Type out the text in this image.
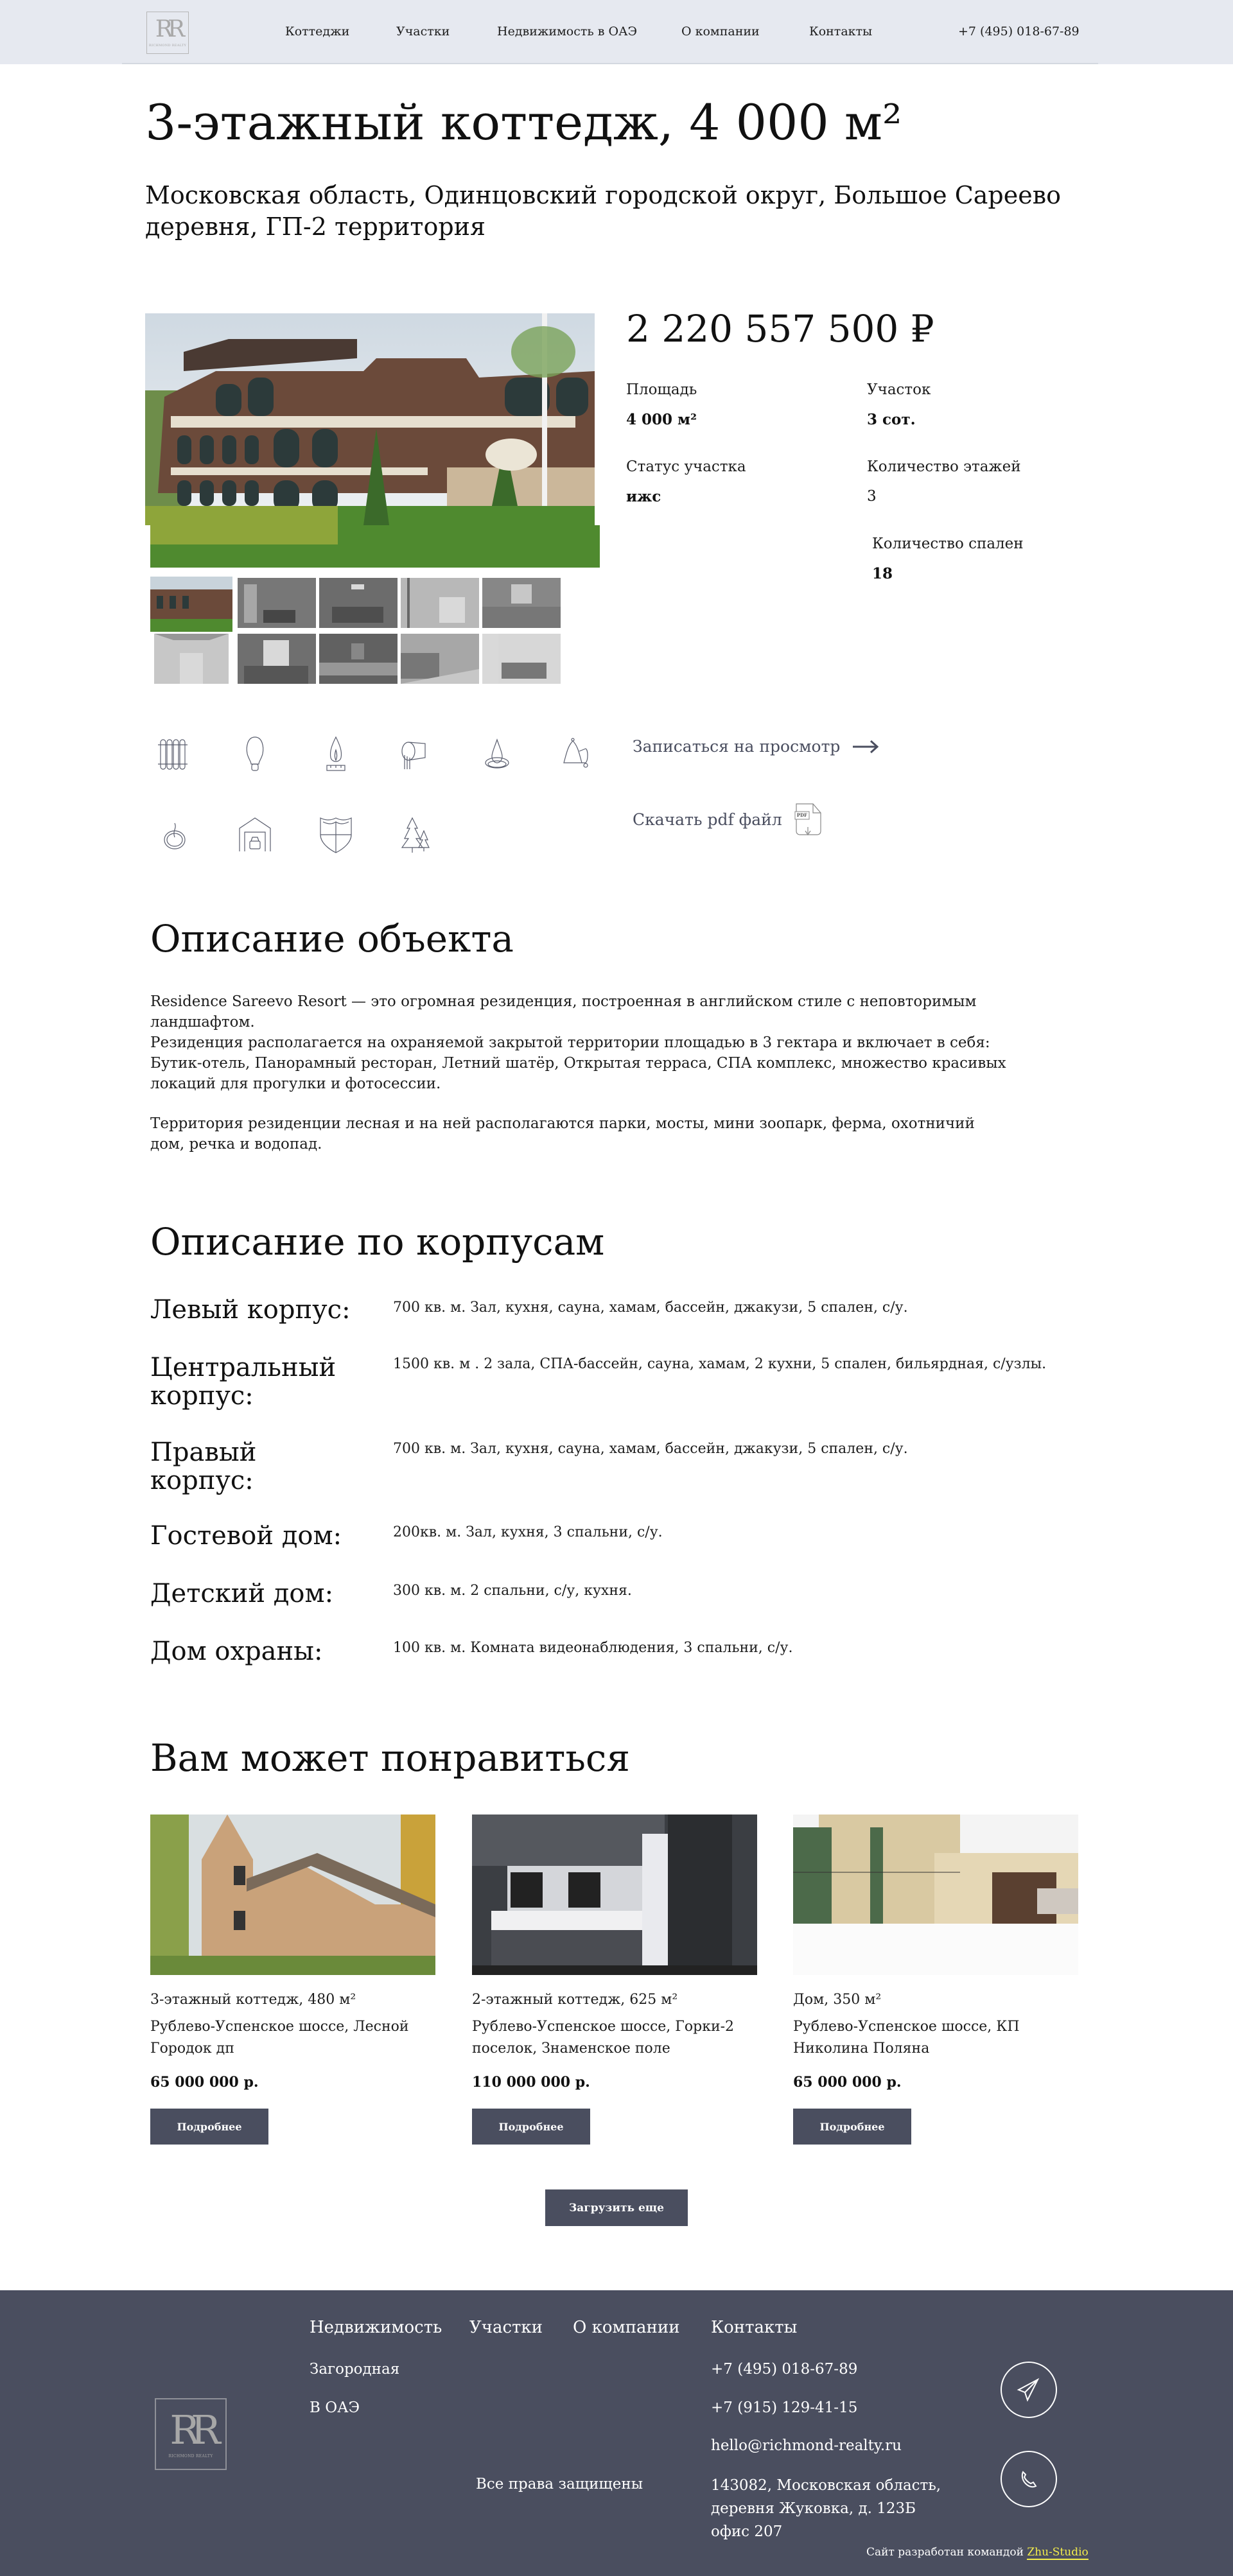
RR
RICHMOND REALTY
Коттеджи	Участки	Недвижимость в ОАЭ	О компании	Контакты	+7 (495) 018-67-89
3-этажный коттедж, 4 000 м²
Московская область, Одинцовский городской округ, Большое Сареево деревня, ГП-2 территория
2 220 557 500 ₽
Площадь
4 000 м²
Участок
3 сот.
Статус участка
ижс
Количество этажей
3
Количество спален
18
Записаться на просмотр
Скачать pdf файл	PDF
Описание объекта

Residence Sareevo Resort — это огромная резиденция, построенная в английском стиле с неповторимым ландшафтом.

Резиденция располагается на охраняемой закрытой территории площадью в 3 гектара и включает в себя: Бутик-отель, Панорамный ресторан, Летний шатёр, Открытая терраса, СПА комплекс, множество красивых локаций для прогулки и фотосессии.

Территория резиденции лесная и на ней располагаются парки, мосты, мини зоопарк, ферма, охотничий дом, речка и водопад.

Описание по корпусам
Левый корпус:	700 кв. м. Зал, кухня, сауна, хамам, бассейн, джакузи, 5 спален, с/у.
Центральный корпус:
1500 кв. м . 2 зала, СПА-бассейн, сауна, хамам, 2 кухни, 5 спален, бильярдная, с/узлы.
Правый корпус:
700 кв. м. Зал, кухня, сауна, хамам, бассейн, джакузи, 5 спален, с/у.
Гостевой дом:	200кв. м. Зал, кухня, 3 спальни, с/у.
Детский дом:	300 кв. м. 2 спальни, с/у, кухня.
Дом охраны:	100 кв. м. Комната видеонаблюдения, 3 спальни, с/у.
Вам может понравиться
3-этажный коттедж, 480 м²
Рублево-Успенское шоссе, Лесной Городок дп
65 000 000 р.
Подробнее
2-этажный коттедж, 625 м²
Рублево-Успенское шоссе, Горки-2 поселок, Знаменское поле
110 000 000 р.
Подробнее
Дом, 350 м²
Рублево-Успенское шоссе, КП Николина Поляна
65 000 000 р.
Подробнее
Загрузить еще
RR
RICHMOND REALTY
Недвижимость Участки О компании Контакты
Загородная
В ОАЭ
+7 (495) 018-67-89
+7 (915) 129-41-15
hello@richmond-realty.ru
143082, Московская область,
деревня Жуковка, д. 123Б
офис 207
Все права защищены
Сайт разработан командой Zhu-Studio
